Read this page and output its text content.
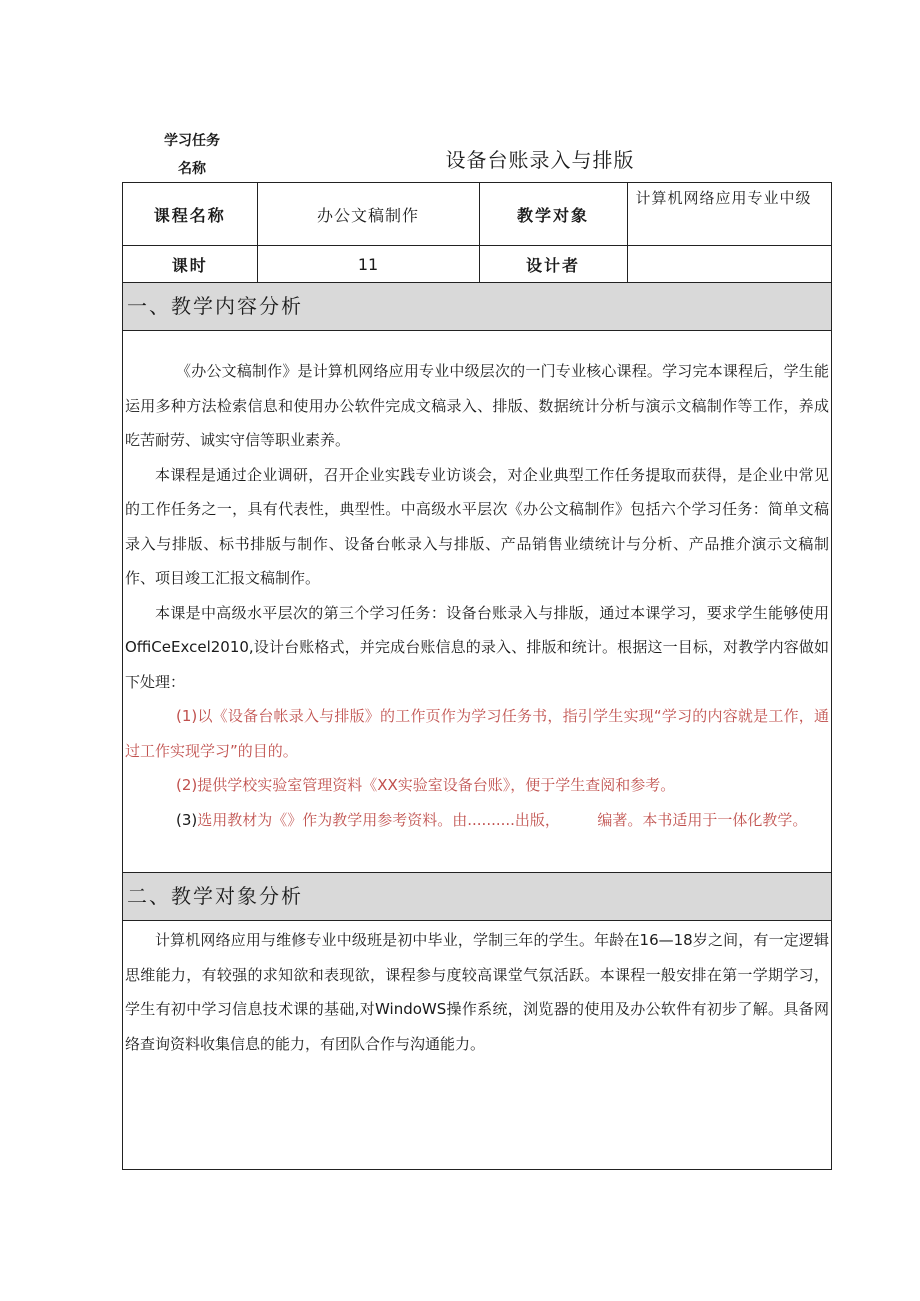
学习任务
名称	设备台账录入与排版
课程名称	办公文稿制作	教学对象	计算机网络应用专业中级
课时	11	设计者	
一、教学内容分析

《办公文稿制作》是计算机网络应用专业中级层次的一门专业核心课程。学习完本课程后，学生能运用多种方法检索信息和使用办公软件完成文稿录入、排版、数据统计分析与演示文稿制作等工作，养成吃苦耐劳、诚实守信等职业素养。

本课程是通过企业调研，召开企业实践专业访谈会，对企业典型工作任务提取而获得，是企业中常见的工作任务之一，具有代表性，典型性。中高级水平层次《办公文稿制作》包括六个学习任务：简单文稿录入与排版、标书排版与制作、设备台帐录入与排版、产品销售业绩统计与分析、产品推介演示文稿制作、项目竣工汇报文稿制作。

本课是中高级水平层次的第三个学习任务：设备台账录入与排版，通过本课学习，要求学生能够使用OffiCeExcel2010,设计台账格式，并完成台账信息的录入、排版和统计。根据这一目标，对教学内容做如下处理：

(1)以《设备台帐录入与排版》的工作页作为学习任务书，指引学生实现“学习的内容就是工作，通过工作实现学习”的目的。

(2)提供学校实验室管理资料《XX实验室设备台账》，便于学生查阅和参考。

(3)选用教材为《》作为教学用参考资料。由..........出版，　　　编著。本书适用于一体化教学。

二、教学对象分析

计算机网络应用与维修专业中级班是初中毕业，学制三年的学生。年龄在16—18岁之间，有一定逻辑思维能力，有较强的求知欲和表现欲，课程参与度较高课堂气氛活跃。本课程一般安排在第一学期学习，学生有初中学习信息技术课的基础,对WindoWS操作系统，浏览器的使用及办公软件有初步了解。具备网络查询资料收集信息的能力，有团队合作与沟通能力。
